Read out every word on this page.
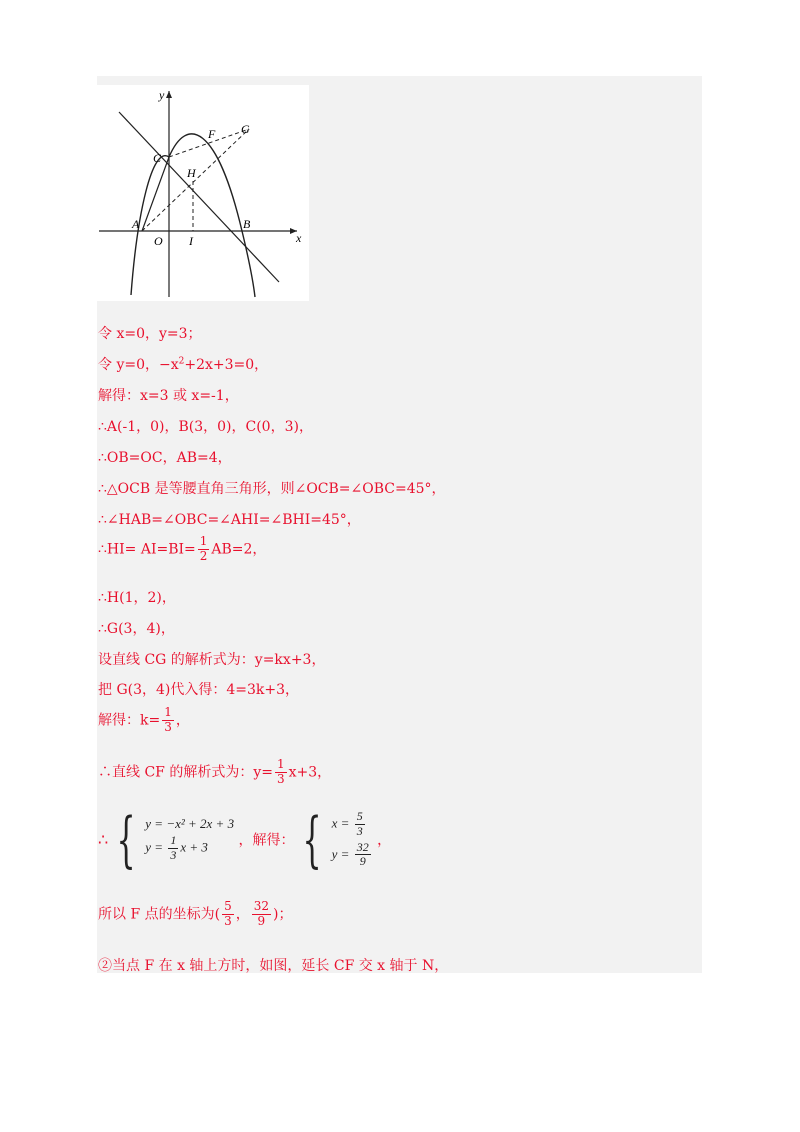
y
x
C
F G
H
A	B
O I
令 x=0，y=3；
令 y=0，$-x^2+2x+3=0$，
解得：x=3 或 x=-1，
∴A(-1，0)，B(3，0)，C(0，3)，
∴OB=OC，AB=4，
∴△OCB 是等腰直角三角形，则∠OCB=∠OBC=45°，
∴∠HAB=∠OBC=∠AHI=∠BHI=45°，
∴HI= $AI=BI= \frac{1}{2} AB=2$，
∴H(1，2)，
∴G(3，4)，
设直线 CG 的解析式为：y=kx+3，
把 G(3，4)代入得：4=3k+3，
解得：$k= \frac{1}{3}$ ，
∴直线 CF 的解析式为：$y= \frac{1}{3} x+3$，
∴ { y = −x² + 2x + 3
$y = \frac{1}{3}$ x + 3	，解得： { $x = \frac{5}{3}$
$y = \frac{32}{9}$ ，
所以 F 点的坐标为( $\frac{5}{3}$ ， $\frac{32}{9}$ )；
②当点 F 在 x 轴上方时，如图，延长 CF 交 x 轴于 N，
